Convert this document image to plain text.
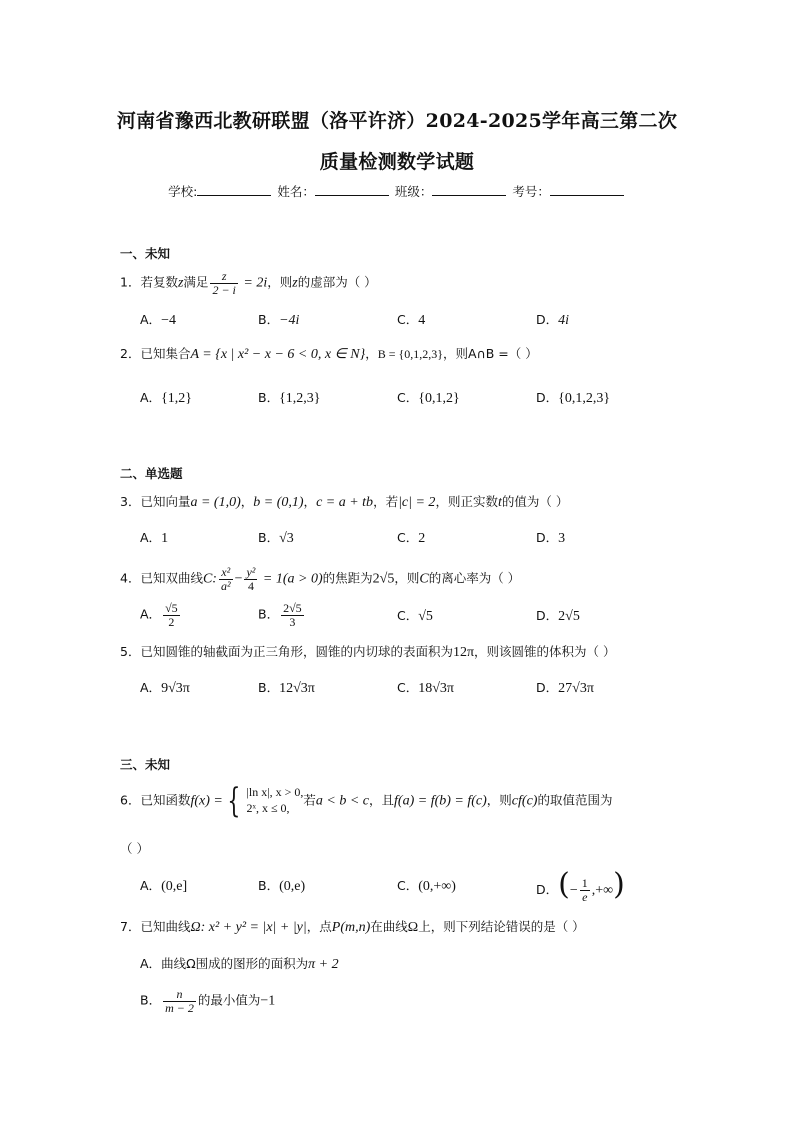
河南省豫西北教研联盟（洛平许济）2024-2025学年高三第二次
质量检测数学试题
学校:	姓名：	班级：	考号：
一、未知
1．若复数z满足 $\frac{z}{2 - i} = 2i$，则z的虚部为（ ）
A．−4	B．−4i	C．4	D．4i
2．已知集合A = {x | x² − x − 6 < 0, x ∈ N}，B = {0,1,2,3}，则A∩B =（ ）
A．{1,2}	B．{1,2,3}	C．{0,1,2}	D．{0,1,2,3}
二、单选题
3．已知向量a = (1,0)，b = (0,1)，c = a + tb，若|c| = 2，则正实数t的值为（ ）
A．1	B．√3	C．2	D．3
4．已知双曲线C: $\frac{\text{x²}}{\text{a²}} - \frac{\text{y²}}{4} = 1(a > 0)$的焦距为2√5，则C的离心率为（ ）
A． $\frac{√5}{2}$	B． $\frac{2√5}{3}$	C．√5	D．2√5
5．已知圆锥的轴截面为正三角形，圆锥的内切球的表面积为12π，则该圆锥的体积为（ ）
A．9√3π	B．12√3π	C．18√3π	D．27√3π
三、未知
6．已知函数f(x) = { |ln x|, x > 0,
2ˣ, x ≤ 0,
若a < b < c，且f(a) = f(b) = f(c)，则cf(c)的取值范围为
（ ）
A．(0,e]	B．(0,e)	C．(0,+∞)	D．(− $\frac{1}{e}$ ,+∞)
7．已知曲线Ω: x² + y² = |x| + |y|，点P(m,n)在曲线Ω上，则下列结论错误的是（ ）
A．曲线Ω围成的图形的面积为π + 2
B． $\frac{n}{m - 2}$ 的最小值为−1
